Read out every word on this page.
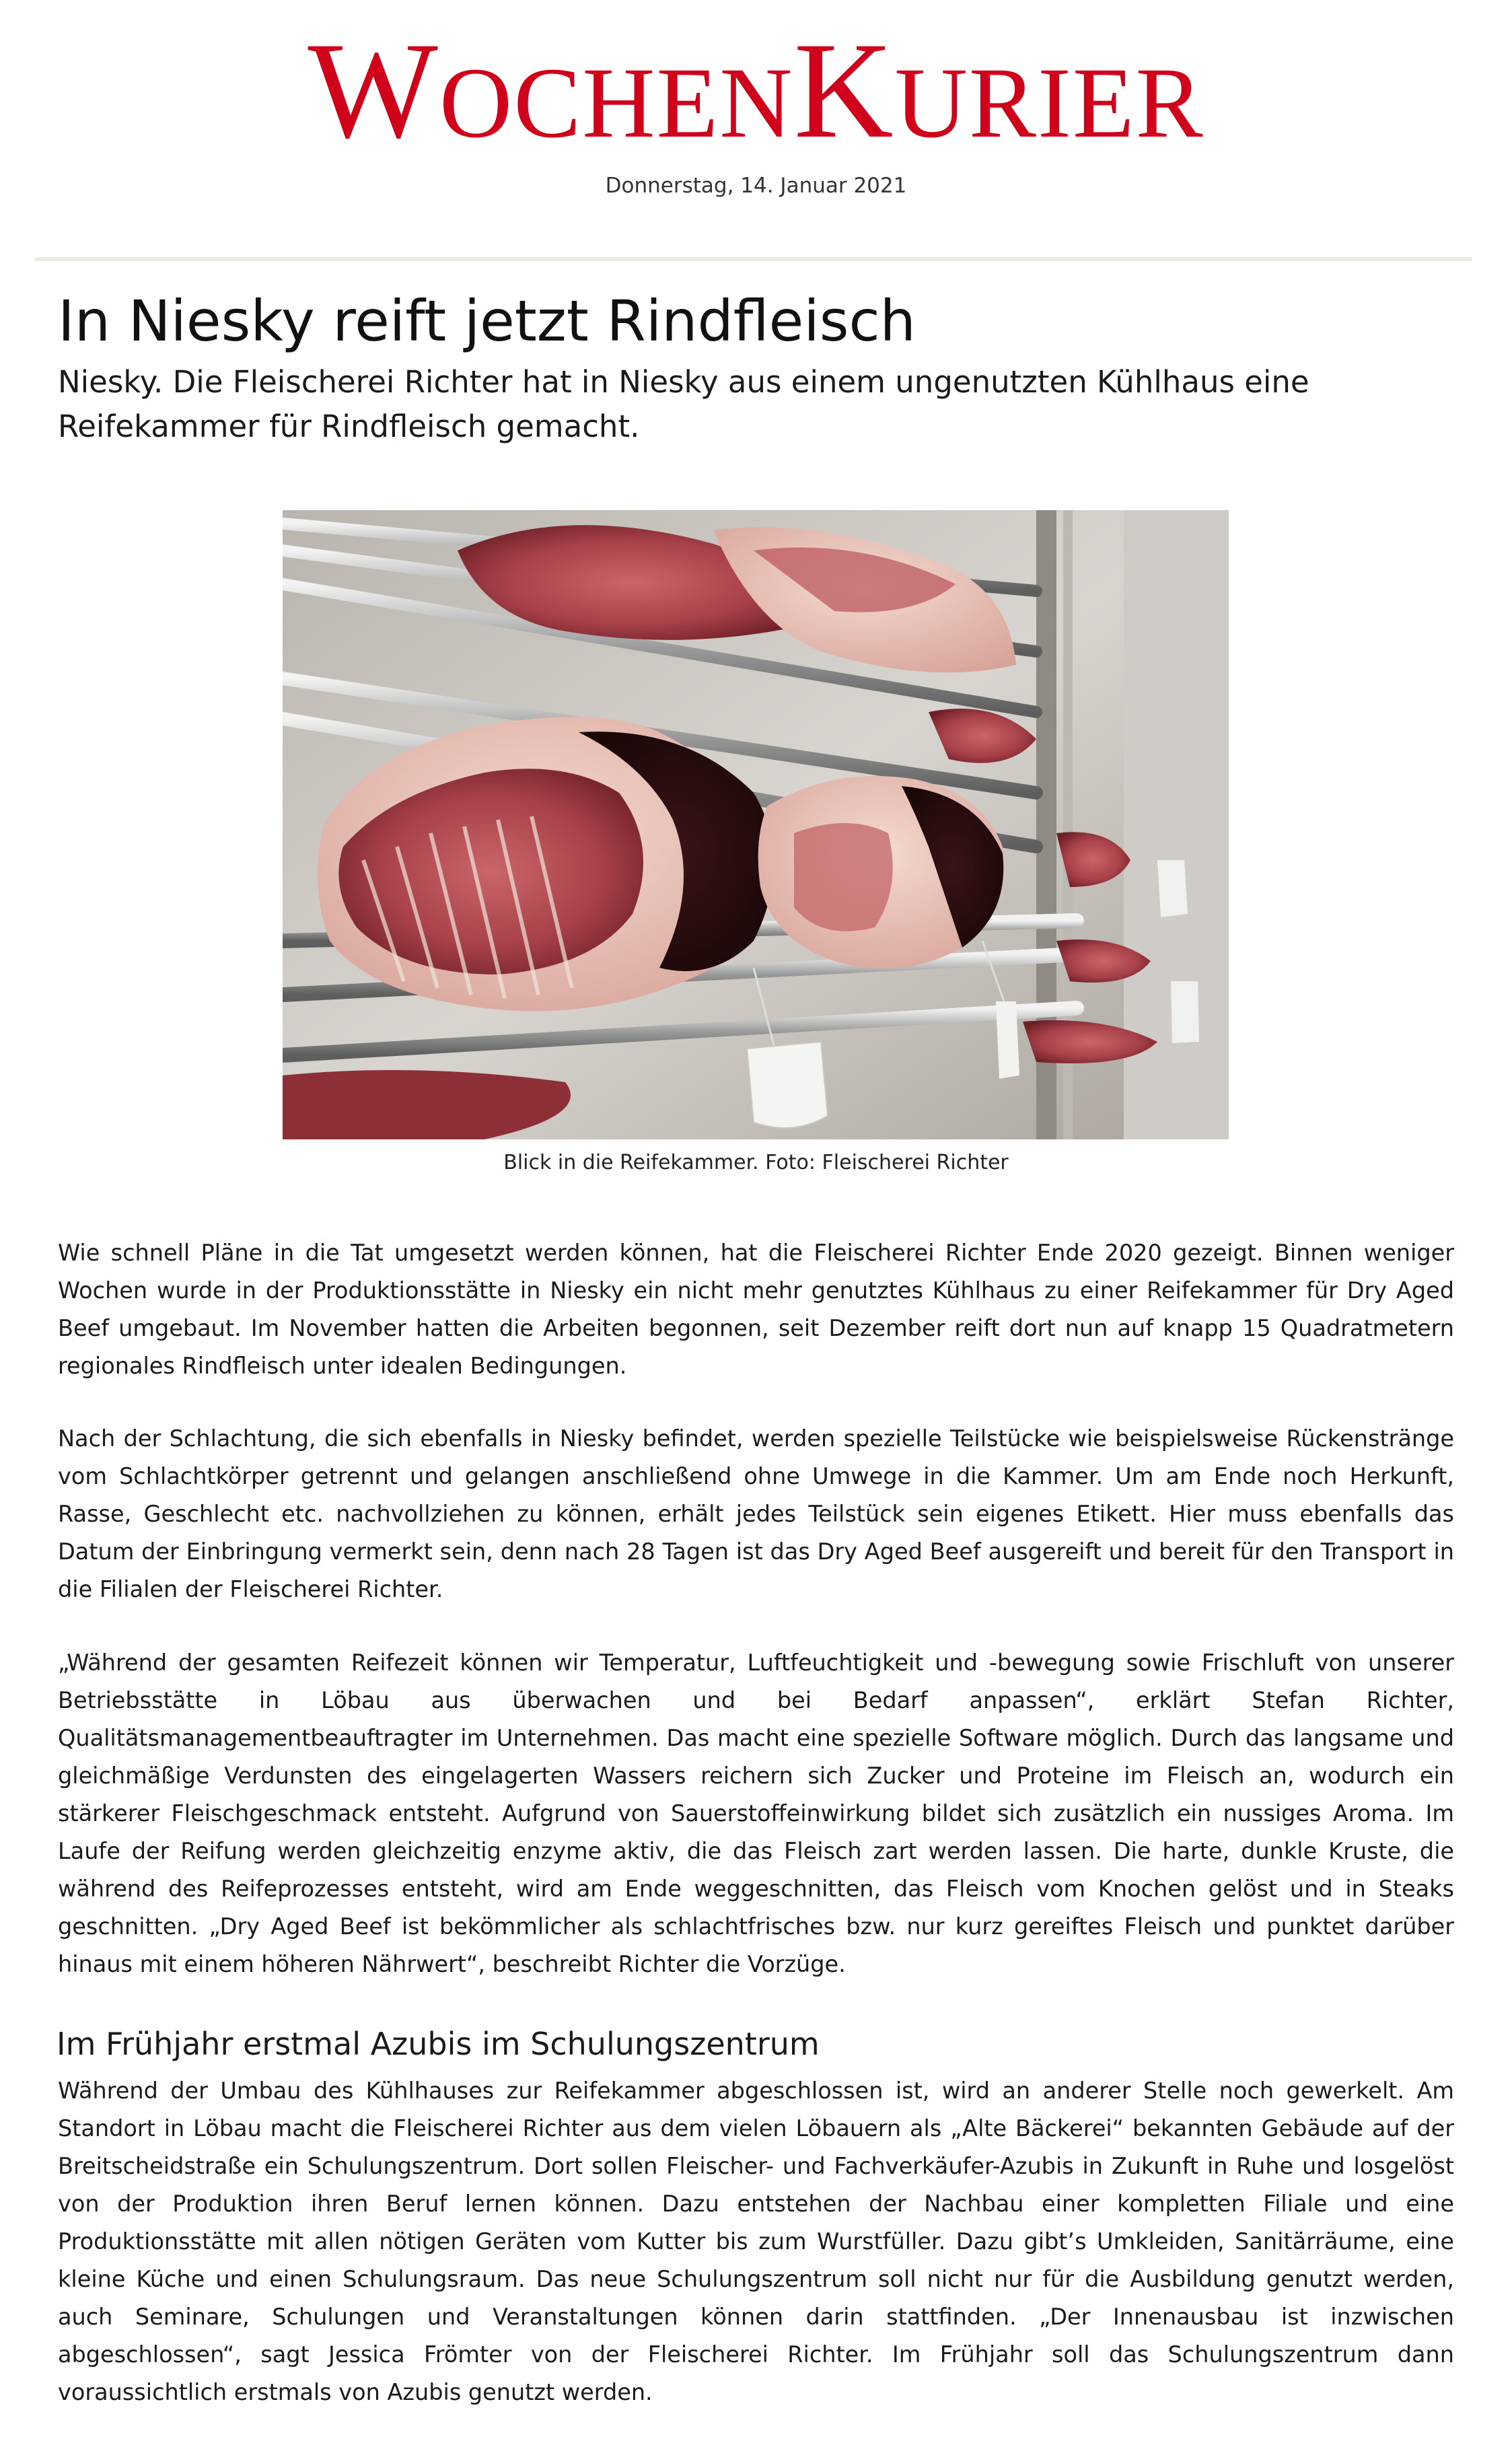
WOCHENKURIER
Donnerstag, 14. Januar 2021
In Niesky reift jetzt Rindfleisch
Niesky. Die Fleischerei Richter hat in Niesky aus einem ungenutzten Kühlhaus eine Reifekammer für Rindfleisch gemacht.
Blick in die Reifekammer. Foto: Fleischerei Richter
Wie schnell Pläne in die Tat umgesetzt werden können, hat die Fleischerei Richter Ende 2020 gezeigt. Binnen weniger Wochen wurde in der Produktionsstätte in Niesky ein nicht mehr genutztes Kühlhaus zu einer Reifekammer für Dry Aged Beef umgebaut. Im November hatten die Arbeiten begonnen, seit Dezember reift dort nun auf knapp 15 Quadratmetern regionales Rindfleisch unter idealen Bedingungen.
Nach der Schlachtung, die sich ebenfalls in Niesky befindet, werden spezielle Teilstücke wie beispielsweise Rückenstränge vom Schlachtkörper getrennt und gelangen anschließend ohne Umwege in die Kammer. Um am Ende noch Herkunft, Rasse, Geschlecht etc. nachvollziehen zu können, erhält jedes Teilstück sein eigenes Etikett. Hier muss ebenfalls das Datum der Einbringung vermerkt sein, denn nach 28 Tagen ist das Dry Aged Beef ausgereift und bereit für den Transport in die Filialen der Fleischerei Richter.
„Während der gesamten Reifezeit können wir Temperatur, Luftfeuchtigkeit und -bewegung sowie Frischluft von unserer Betriebsstätte in Löbau aus überwachen und bei Bedarf anpassen“, erklärt Stefan Richter, Qualitätsmanagementbeauftragter im Unternehmen. Das macht eine spezielle Software möglich. Durch das langsame und gleichmäßige Verdunsten des eingelagerten Wassers reichern sich Zucker und Proteine im Fleisch an, wodurch ein stärkerer Fleischgeschmack entsteht. Aufgrund von Sauerstoffeinwirkung bildet sich zusätzlich ein nussiges Aroma. Im Laufe der Reifung werden gleichzeitig enzyme aktiv, die das Fleisch zart werden lassen. Die harte, dunkle Kruste, die während des Reifeprozesses entsteht, wird am Ende weggeschnitten, das Fleisch vom Knochen gelöst und in Steaks geschnitten. „Dry Aged Beef ist bekömmlicher als schlachtfrisches bzw. nur kurz gereiftes Fleisch und punktet darüber hinaus mit einem höheren Nährwert“, beschreibt Richter die Vorzüge.
Im Frühjahr erstmal Azubis im Schulungszentrum
Während der Umbau des Kühlhauses zur Reifekammer abgeschlossen ist, wird an anderer Stelle noch gewerkelt. Am Standort in Löbau macht die Fleischerei Richter aus dem vielen Löbauern als „Alte Bäckerei“ bekannten Gebäude auf der Breitscheidstraße ein Schulungszentrum. Dort sollen Fleischer- und Fachverkäufer-Azubis in Zukunft in Ruhe und losgelöst von der Produktion ihren Beruf lernen können. Dazu entstehen der Nachbau einer kompletten Filiale und eine Produktionsstätte mit allen nötigen Geräten vom Kutter bis zum Wurstfüller. Dazu gibt’s Umkleiden, Sanitärräume, eine kleine Küche und einen Schulungsraum. Das neue Schulungszentrum soll nicht nur für die Ausbildung genutzt werden, auch Seminare, Schulungen und Veranstaltungen können darin stattfinden. „Der Innenausbau ist inzwischen abgeschlossen“, sagt Jessica Frömter von der Fleischerei Richter. Im Frühjahr soll das Schulungszentrum dann voraussichtlich erstmals von Azubis genutzt werden.
